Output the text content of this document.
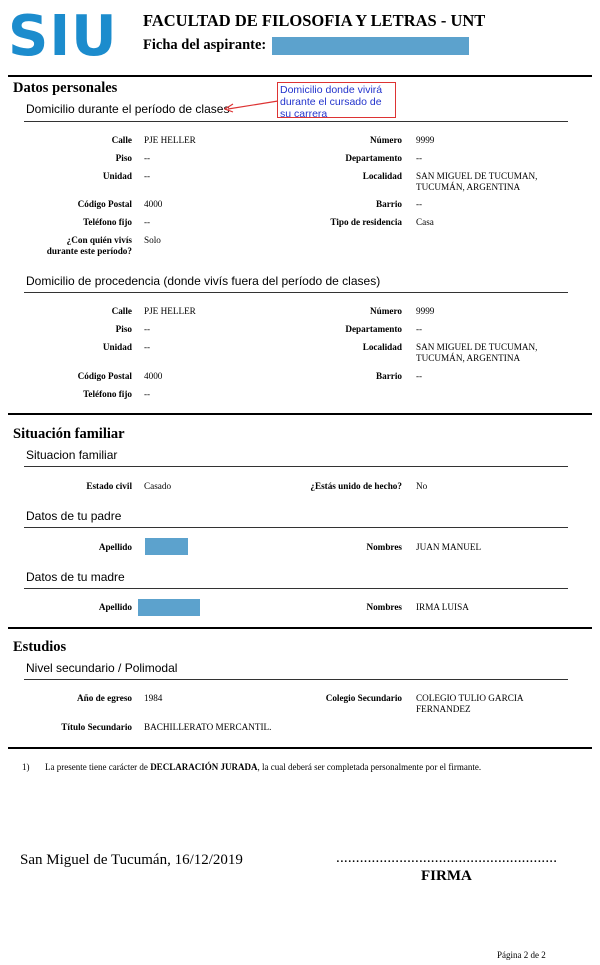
SIU	FACULTAD DE FILOSOFIA Y LETRAS - UNT
Ficha del aspirante:
Datos personales
Domicilio durante el período de clases
Domicilio donde vivirá durante el cursado de su carrera
Calle PJE HELLER	Número 9999
Piso --	Departamento --
Unidad --	Localidad SAN MIGUEL DE TUCUMAN,
TUCUMÁN, ARGENTINA
Código Postal 4000	Barrio --
Teléfono fijo --	Tipo de residencia Casa
¿Con quién vivís
durante este período?
Solo
Domicilio de procedencia (donde vivís fuera del período de clases)
Calle PJE HELLER	Número 9999
Piso --	Departamento --
Unidad --	Localidad SAN MIGUEL DE TUCUMAN,
TUCUMÁN, ARGENTINA
Código Postal 4000	Barrio --
Teléfono fijo --
Situación familiar
Situacion familiar
Estado civil Casado	¿Estás unido de hecho? No
Datos de tu padre
Apellido	Nombres JUAN MANUEL
Datos de tu madre
Apellido	Nombres IRMA LUISA
Estudios
Nivel secundario / Polimodal
Año de egreso 1984	Colegio Secundario COLEGIO TULIO GARCIA
FERNANDEZ
Título Secundario BACHILLERATO MERCANTIL.
1) La presente tiene carácter de DECLARACIÓN JURADA, la cual deberá ser completada personalmente por el firmante.
San Miguel de Tucumán, 16/12/2019	........................................................
FIRMA
Página 2 de 2
